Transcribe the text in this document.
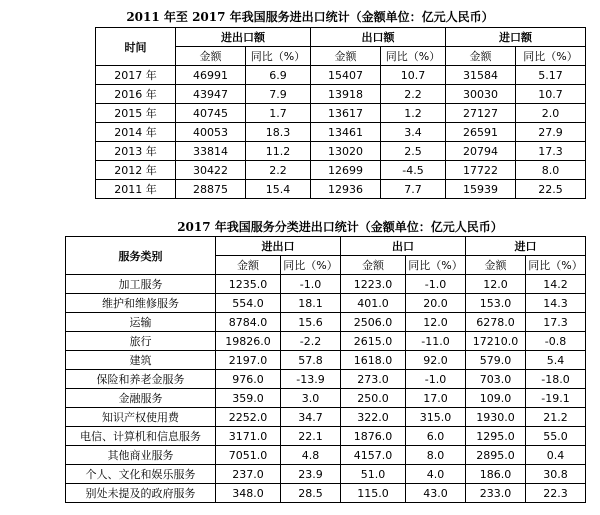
2011 年至 2017 年我国服务进出口统计（金额单位：亿元人民币）
时间	进出口额		出口额		进口额	
	金额	同比（%）	金额	同比（%）	金额	同比（%）
2017 年	46991	6.9	15407	10.7	31584	5.17
2016 年	43947	7.9	13918	2.2	30030	10.7
2015 年	40745	1.7	13617	1.2	27127	2.0
2014 年	40053	18.3	13461	3.4	26591	27.9
2013 年	33814	11.2	13020	2.5	20794	17.3
2012 年	30422	2.2	12699	-4.5	17722	8.0
2011 年	28875	15.4	12936	7.7	15939	22.5
2017 年我国服务分类进出口统计（金额单位：亿元人民币）
服务类别	进出口		出口		进口	
	金额	同比（%）	金额	同比（%）	金额	同比（%）
加工服务	1235.0	-1.0	1223.0	-1.0	12.0	14.2
维护和维修服务	554.0	18.1	401.0	20.0	153.0	14.3
运输	8784.0	15.6	2506.0	12.0	6278.0	17.3
旅行	19826.0	-2.2	2615.0	-11.0	17210.0	-0.8
建筑	2197.0	57.8	1618.0	92.0	579.0	5.4
保险和养老金服务	976.0	-13.9	273.0	-1.0	703.0	-18.0
金融服务	359.0	3.0	250.0	17.0	109.0	-19.1
知识产权使用费	2252.0	34.7	322.0	315.0	1930.0	21.2
电信、计算机和信息服务	3171.0	22.1	1876.0	6.0	1295.0	55.0
其他商业服务	7051.0	4.8	4157.0	8.0	2895.0	0.4
个人、文化和娱乐服务	237.0	23.9	51.0	4.0	186.0	30.8
别处未提及的政府服务	348.0	28.5	115.0	43.0	233.0	22.3
